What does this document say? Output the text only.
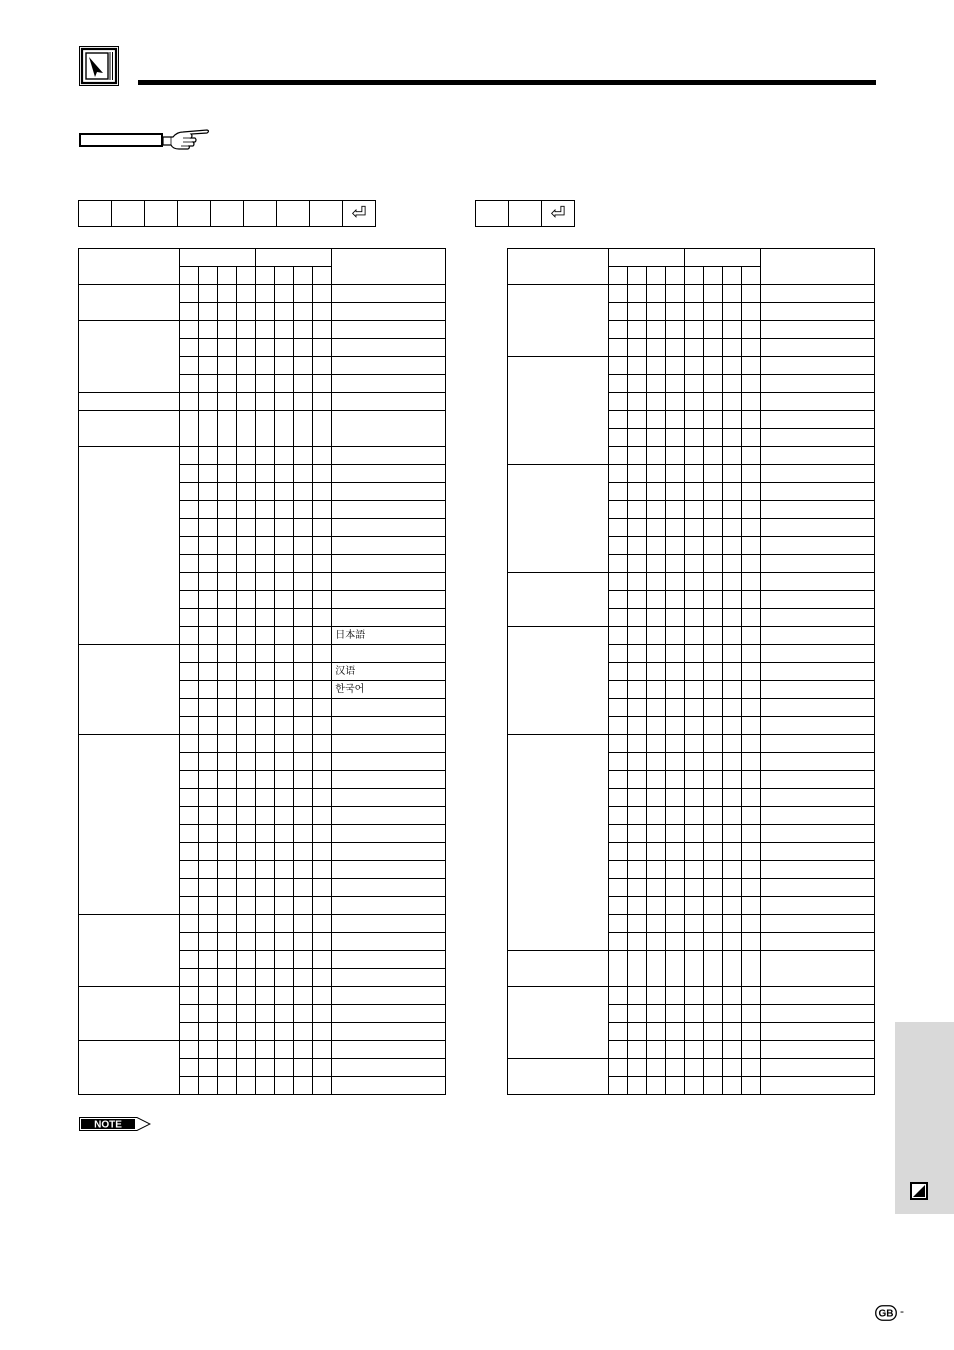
⏎	⏎

									日本語

									汉语
									한국어

NOTE
GB -
